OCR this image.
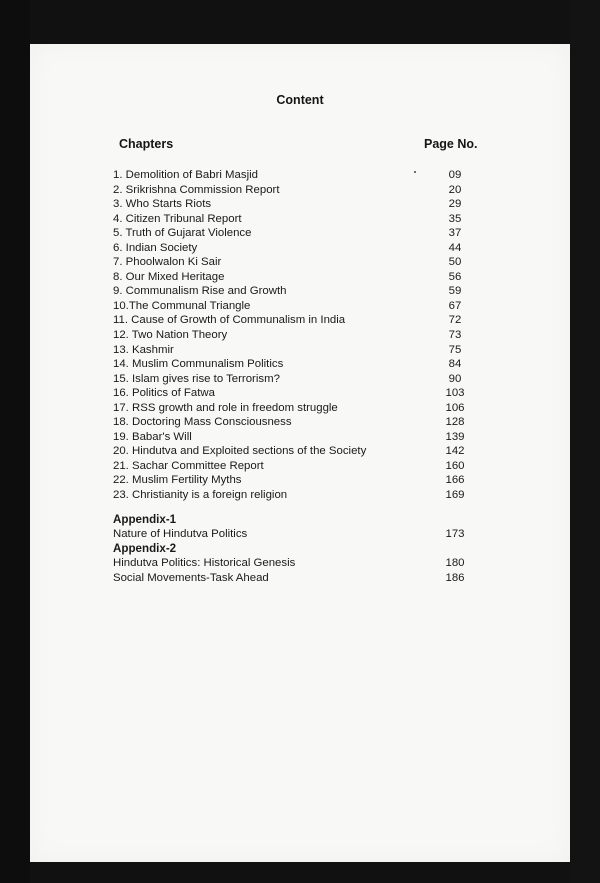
Content
Chapters	Page No.
1. Demolition of Babri Masjid	09
2. Srikrishna Commission Report	20
3. Who Starts Riots	29
4. Citizen Tribunal Report	35
5. Truth of Gujarat Violence	37
6. Indian Society	44
7. Phoolwalon Ki Sair	50
8. Our Mixed Heritage	56
9. Communalism Rise and Growth	59
10.The Communal Triangle	67
11. Cause of Growth of Communalism in India	72
12. Two Nation Theory	73
13. Kashmir	75
14. Muslim Communalism Politics	84
15. Islam gives rise to Terrorism?	90
16. Politics of Fatwa	103
17. RSS growth and role in freedom struggle	106
18. Doctoring Mass Consciousness	128
19. Babar's Will	139
20. Hindutva and Exploited sections of the Society	142
21. Sachar Committee Report	160
22. Muslim Fertility Myths	166
23. Christianity is a foreign religion	169
Appendix-1
Nature of Hindutva Politics	173
Appendix-2
Hindutva Politics: Historical Genesis	180
Social Movements-Task Ahead	186
